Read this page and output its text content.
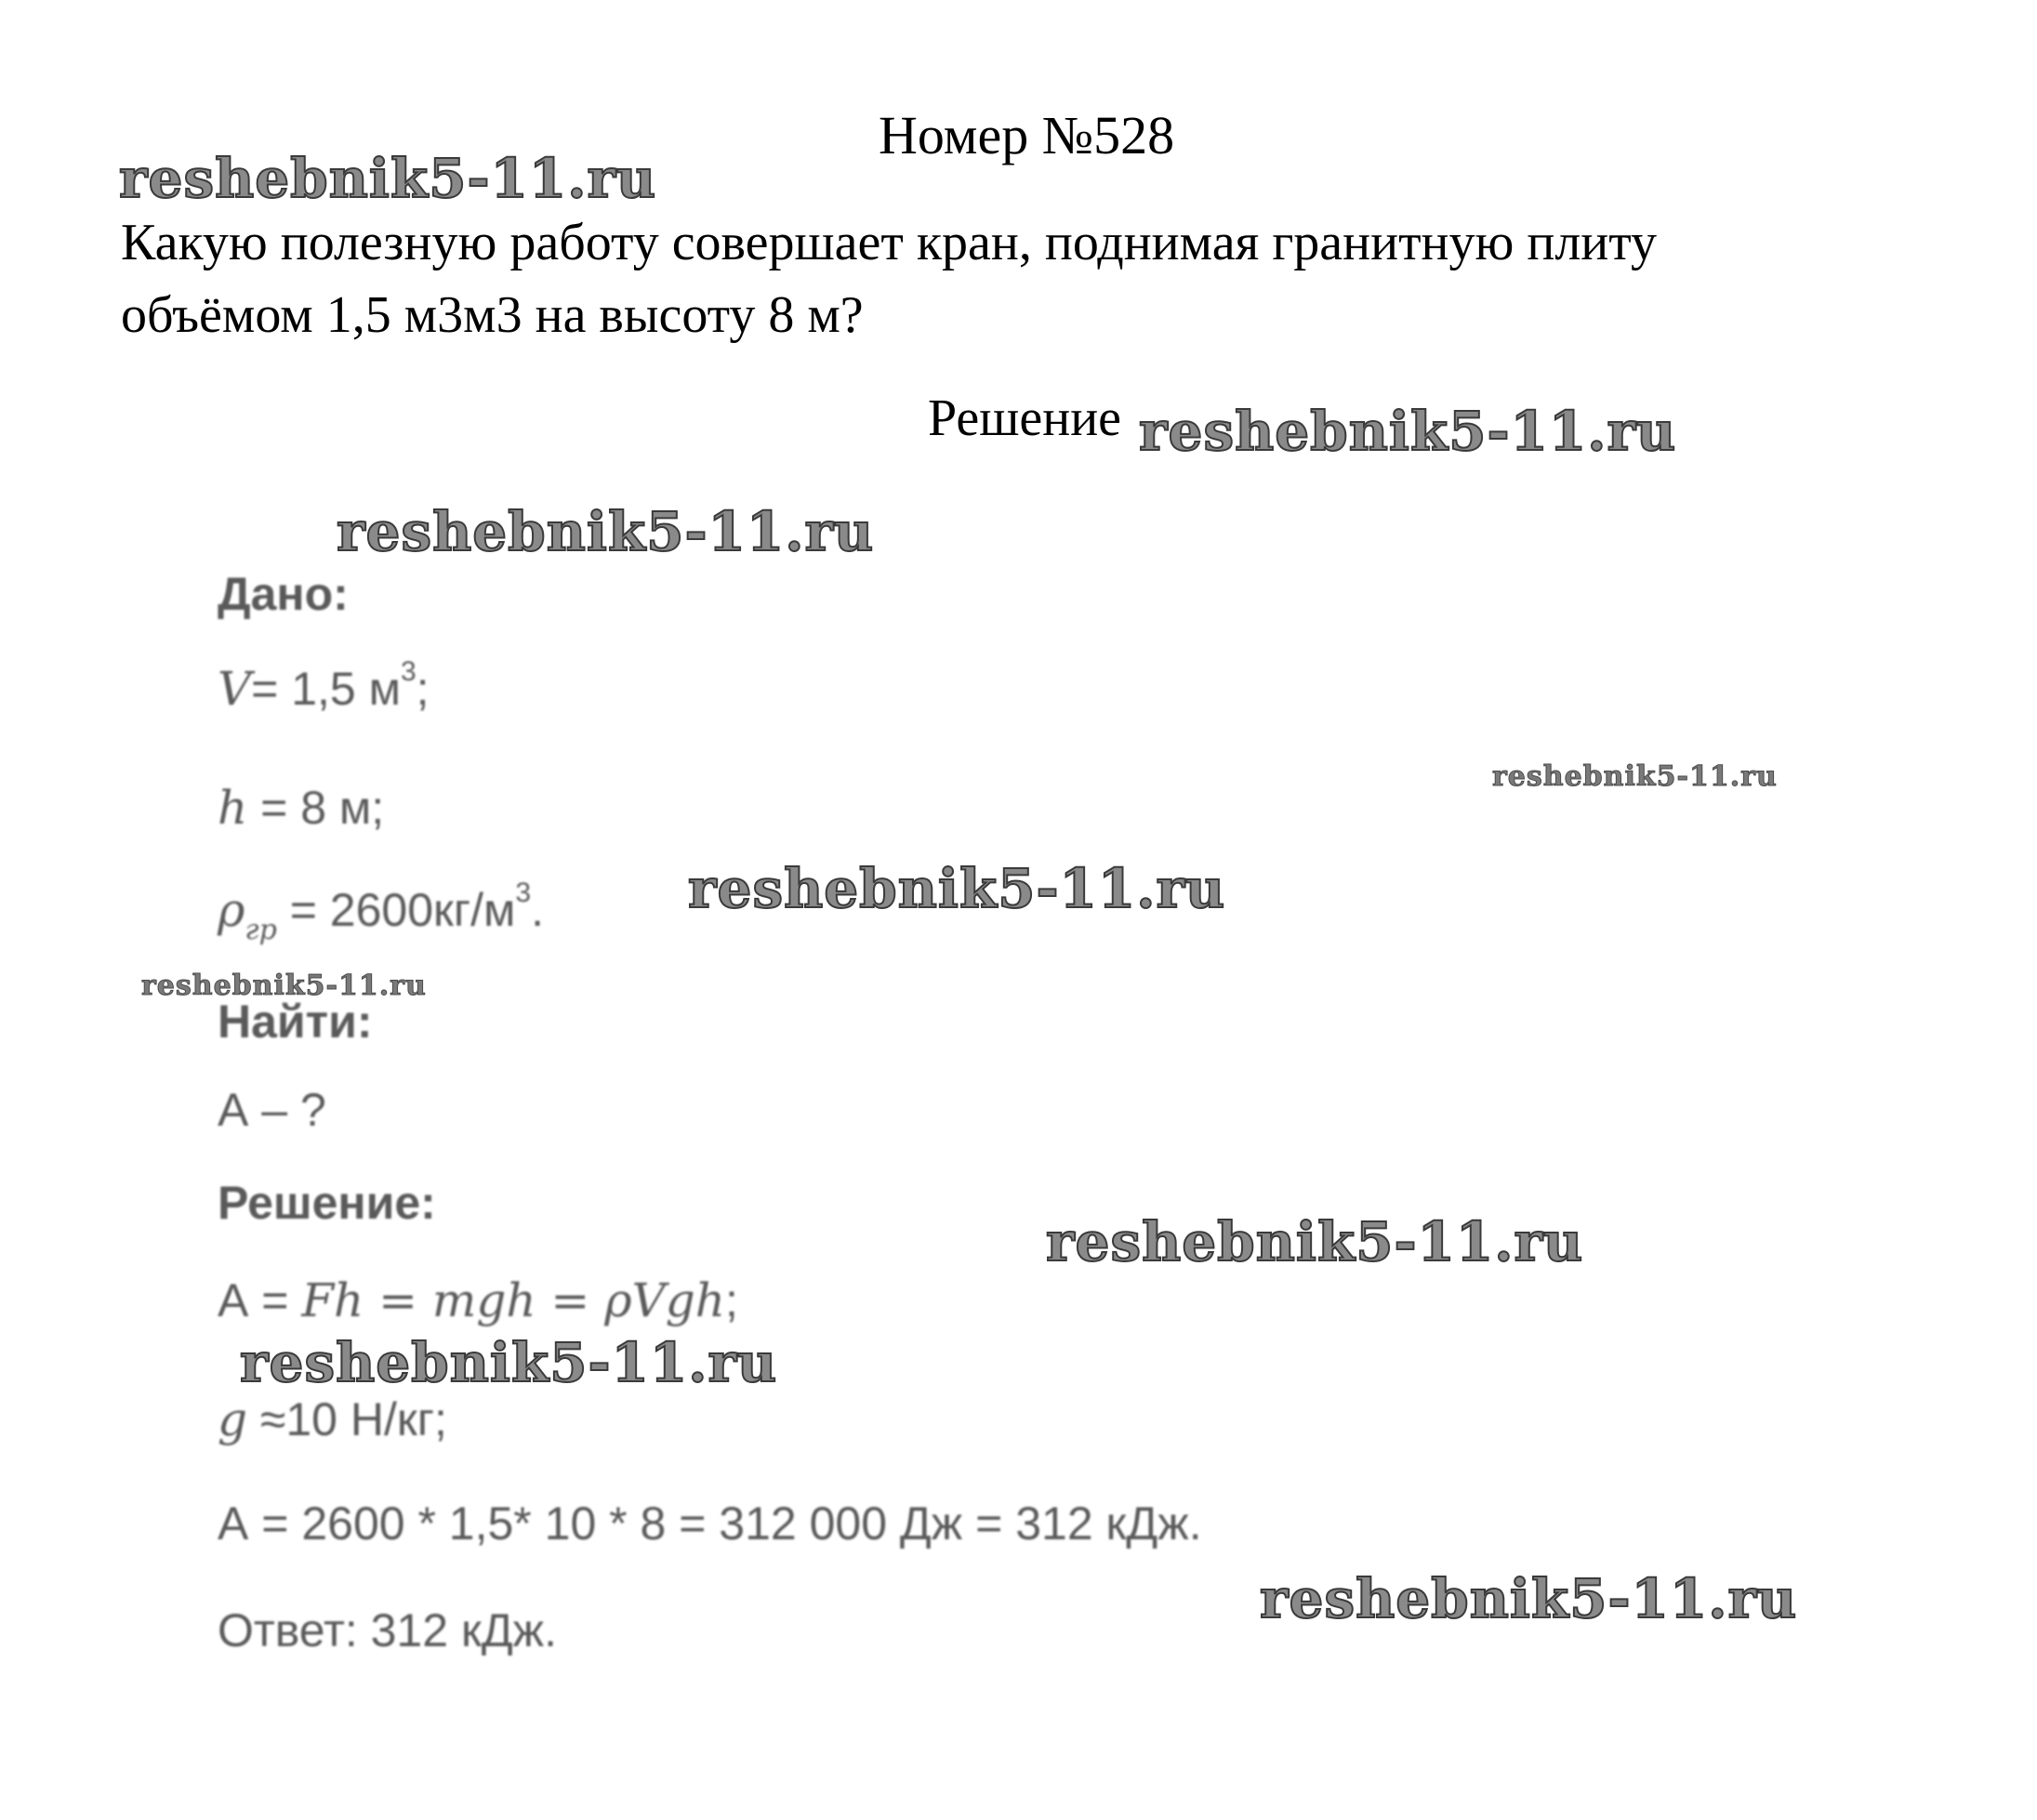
Номер №528
Какую полезную работу совершает кран, поднимая гранитную плиту объёмом 1,5 м3м3 на высоту 8 м?
Решение
reshebnik5-11.ru
reshebnik5-11.ru
reshebnik5-11.ru
reshebnik5-11.ru
reshebnik5-11.ru
reshebnik5-11.ru
reshebnik5-11.ru
reshebnik5-11.ru
reshebnik5-11.ru
Дано:
V= 1,5 $м^3$;
h = 8 м;
$\rho_{гр} = 2600кг/м^3$.
Найти:
А – ?
Решение:
А = Fh = mgh = ρVgh;
g ≈10 Н/кг;
А = 2600 * 1,5* 10 * 8 = 312 000 Дж = 312 кДж.
Ответ: 312 кДж.
